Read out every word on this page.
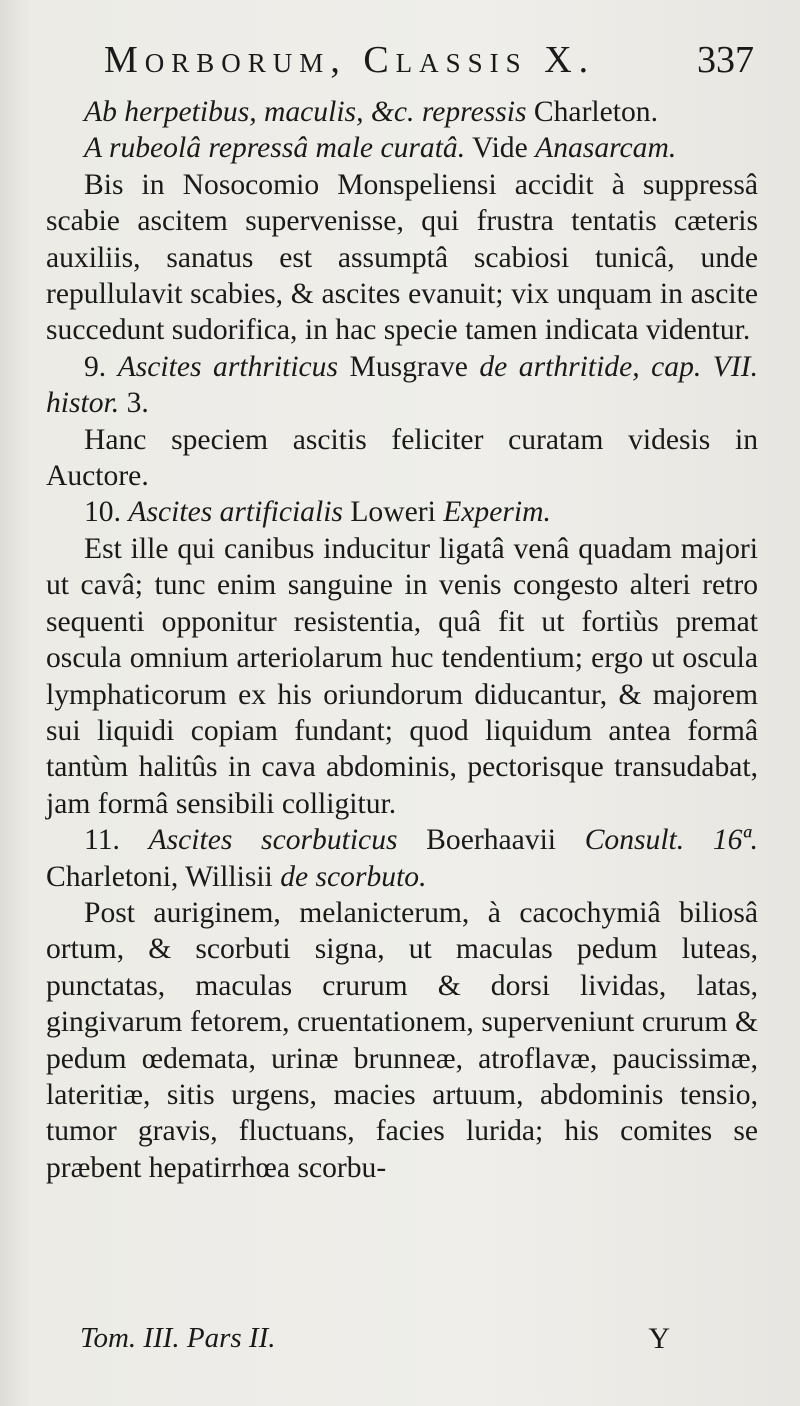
Morborum, Classis X.	337

Ab herpetibus, maculis, &c. repressis Charleton.

A rubeolâ repressâ male curatâ. Vide Anasarcam.

Bis in Nosocomio Monspeliensi accidit à suppressâ scabie ascitem supervenisse, qui frustra tentatis cæteris auxiliis, sanatus est assumptâ scabiosi tunicâ, unde repullulavit scabies, & ascites evanuit; vix unquam in ascite succedunt sudorifica, in hac specie tamen indicata videntur.

9. Ascites arthriticus Musgrave de arthritide, cap. VII. histor. 3.

Hanc speciem ascitis feliciter curatam videsis in Auctore.

10. Ascites artificialis Loweri Experim.

Est ille qui canibus inducitur ligatâ venâ quadam majori ut cavâ; tunc enim sanguine in venis congesto alteri retro sequenti opponitur resistentia, quâ fit ut fortiùs premat oscula omnium arteriolarum huc tendentium; ergo ut oscula lymphaticorum ex his oriundorum diducantur, & majorem sui liquidi copiam fundant; quod liquidum antea formâ tantùm halitûs in cava abdominis, pectorisque transudabat, jam formâ sensibili colligitur.

11. Ascites scorbuticus Boerhaavii Consult. 16ª. Charletoni, Willisii de scorbuto.

Post auriginem, melanicterum, à cacochymiâ biliosâ ortum, & scorbuti signa, ut maculas pedum luteas, punctatas, maculas crurum & dorsi lividas, latas, gingivarum fetorem, cruentationem, superveniunt crurum & pedum œdemata, urinæ brunneæ, atroflavæ, paucissimæ, lateritiæ, sitis urgens, macies artuum, abdominis tensio, tumor gravis, fluctuans, facies lurida; his comites se præbent hepatirrhœa scorbu-

Tom. III. Pars II.	Y
